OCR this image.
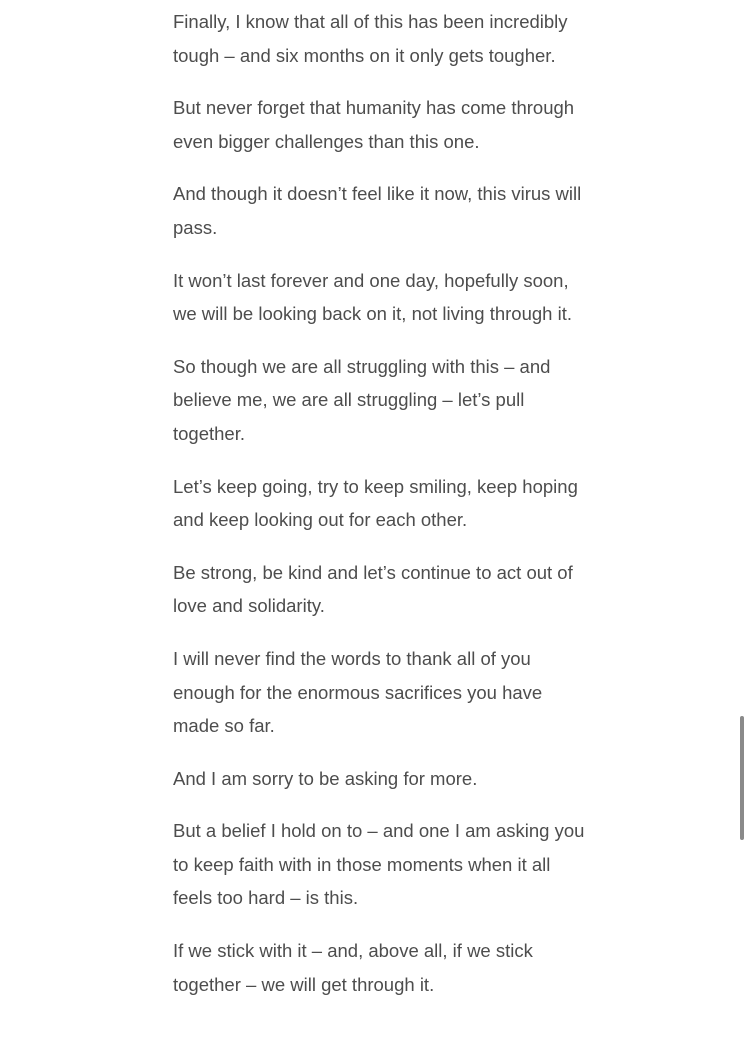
Finally, I know that all of this has been incredibly tough – and six months on it only gets tougher.

But never forget that humanity has come through even bigger challenges than this one.

And though it doesn’t feel like it now, this virus will pass.

It won’t last forever and one day, hopefully soon, we will be looking back on it, not living through it.

So though we are all struggling with this – and believe me, we are all struggling – let’s pull together.

Let’s keep going, try to keep smiling, keep hoping and keep looking out for each other.

Be strong, be kind and let’s continue to act out of love and solidarity.

I will never find the words to thank all of you enough for the enormous sacrifices you have made so far.

And I am sorry to be asking for more.

But a belief I hold on to – and one I am asking you to keep faith with in those moments when it all feels too hard – is this.

If we stick with it – and, above all, if we stick together – we will get through it.
